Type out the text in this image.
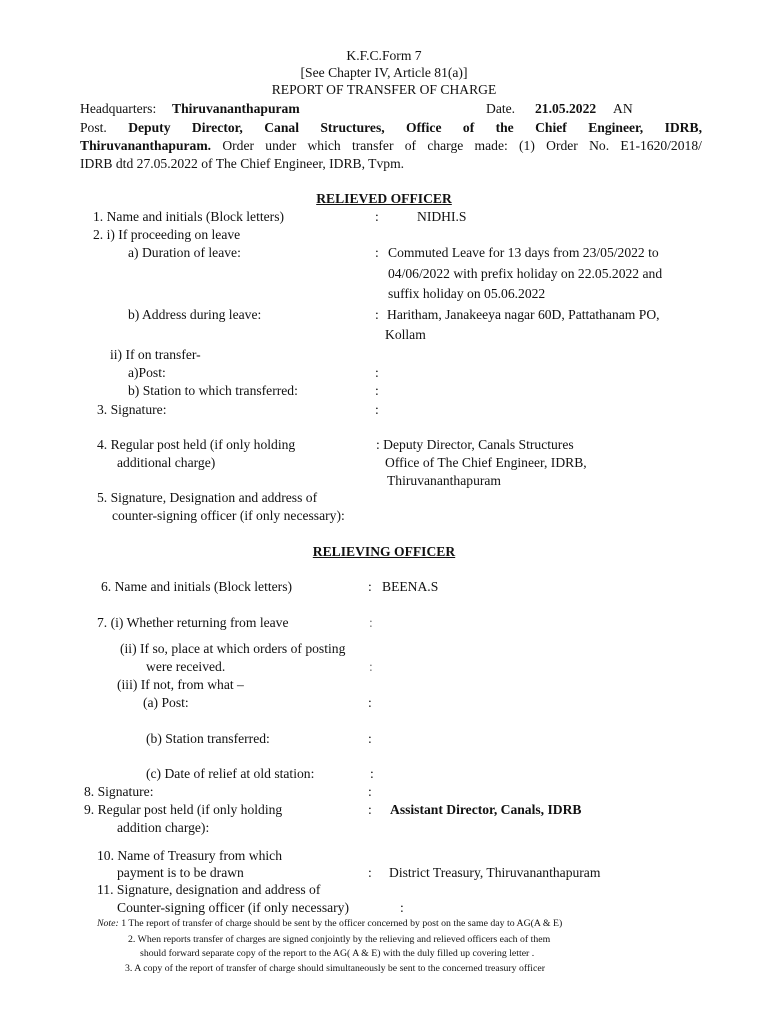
K.F.C.Form 7
[See Chapter IV, Article 81(a)]
REPORT OF TRANSFER OF CHARGE
Headquarters: Thiruvananthapuram	Date. 21.05.2022 AN
Post. Deputy Director, Canal Structures, Office of the Chief Engineer, IDRB,
Thiruvananthapuram. Order under which transfer of charge made: (1) Order No. E1-1620/2018/
IDRB dtd 27.05.2022 of The Chief Engineer, IDRB, Tvpm.
RELIEVED OFFICER
1. Name and initials (Block letters)	:	NIDHI.S
2. i) If proceeding on leave
a) Duration of leave:	: Commuted Leave for 13 days from 23/05/2022 to
04/06/2022 with prefix holiday on 22.05.2022 and
suffix holiday on 05.06.2022
b) Address during leave:	: Haritham, Janakeeya nagar 60D, Pattathanam PO,
Kollam
ii) If on transfer-
a)Post:	:
b) Station to which transferred:	:
3. Signature:	:
4. Regular post held (if only holding
additional charge)
: Deputy Director, Canals Structures
Office of The Chief Engineer, IDRB,
Thiruvananthapuram
5. Signature, Designation and address of
counter-signing officer (if only necessary):
RELIEVING OFFICER
6. Name and initials (Block letters)	: BEENA.S
7. (i) Whether returning from leave	:
(ii) If so, place at which orders of posting
were received.	:
(iii) If not, from what –
(a) Post:	:
(b) Station transferred:	:
(c) Date of relief at old station:	:
8. Signature:	:
9. Regular post held (if only holding
addition charge):
: Assistant Director, Canals, IDRB
10. Name of Treasury from which
payment is to be drawn	: District Treasury, Thiruvananthapuram
11. Signature, designation and address of
Counter-signing officer (if only necessary)	:
Note: 1 The report of transfer of charge should be sent by the officer concerned by post on the same day to AG(A & E)
2. When reports transfer of charges are signed conjointly by the relieving and relieved officers each of them
should forward separate copy of the report to the AG( A & E) with the duly filled up covering letter .
3. A copy of the report of transfer of charge should simultaneously be sent to the concerned treasury officer
